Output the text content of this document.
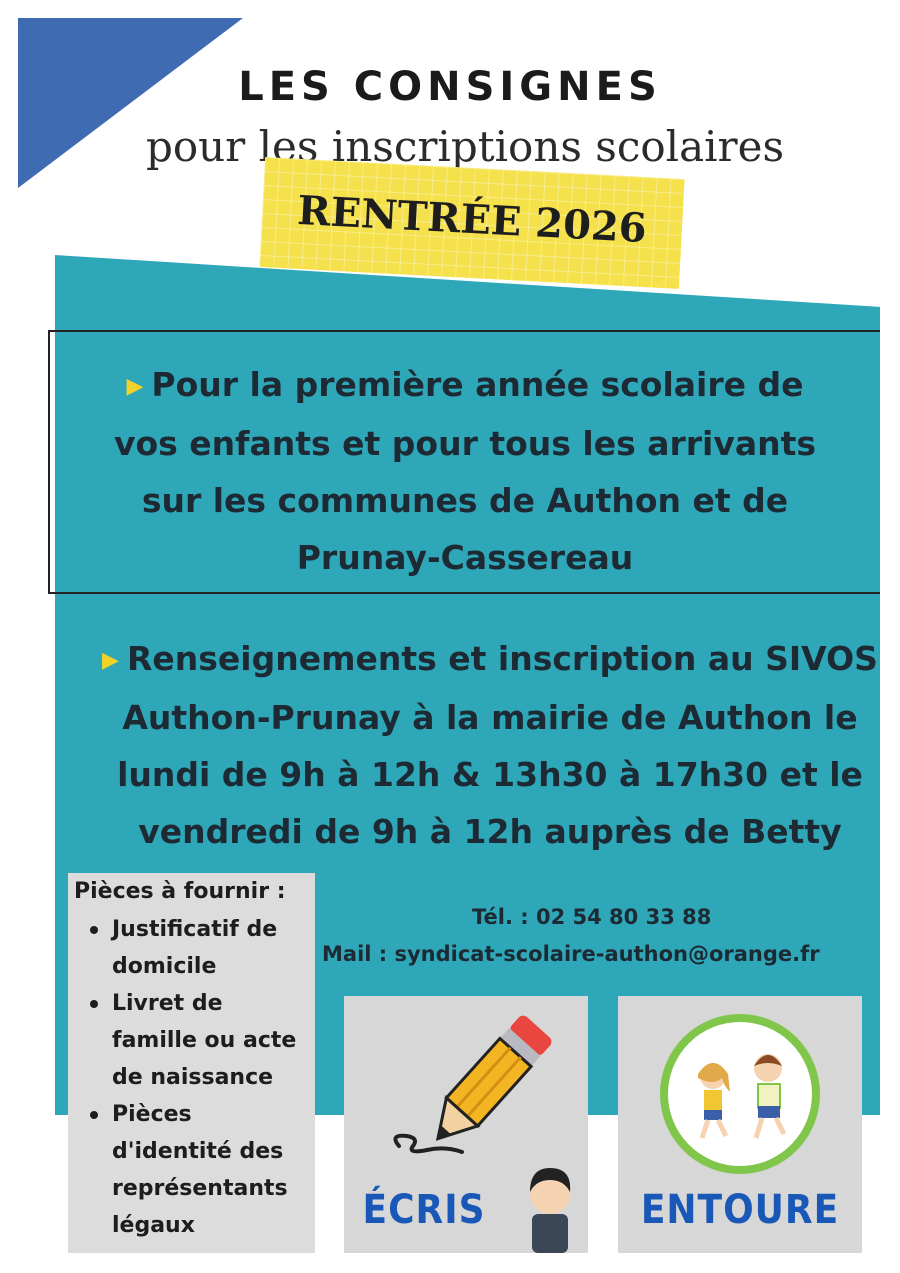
LES CONSIGNES
pour les inscriptions scolaires
RENTRÉE 2026
▶ Pour la première année scolaire de
vos enfants et pour tous les arrivants
sur les communes de Authon et de
Prunay-Cassereau
▶ Renseignements et inscription au SIVOS
Authon-Prunay à la mairie de Authon le
lundi de 9h à 12h & 13h30 à 17h30 et le
vendredi de 9h à 12h auprès de Betty
Tél. : 02 54 80 33 88
Mail : syndicat-scolaire-authon@orange.fr
Pièces à fournir :
Justificatif de domicile
Livret de famille ou acte de naissance
Pièces d'identité des représentants légaux	ÉCRIS	ENTOURE
